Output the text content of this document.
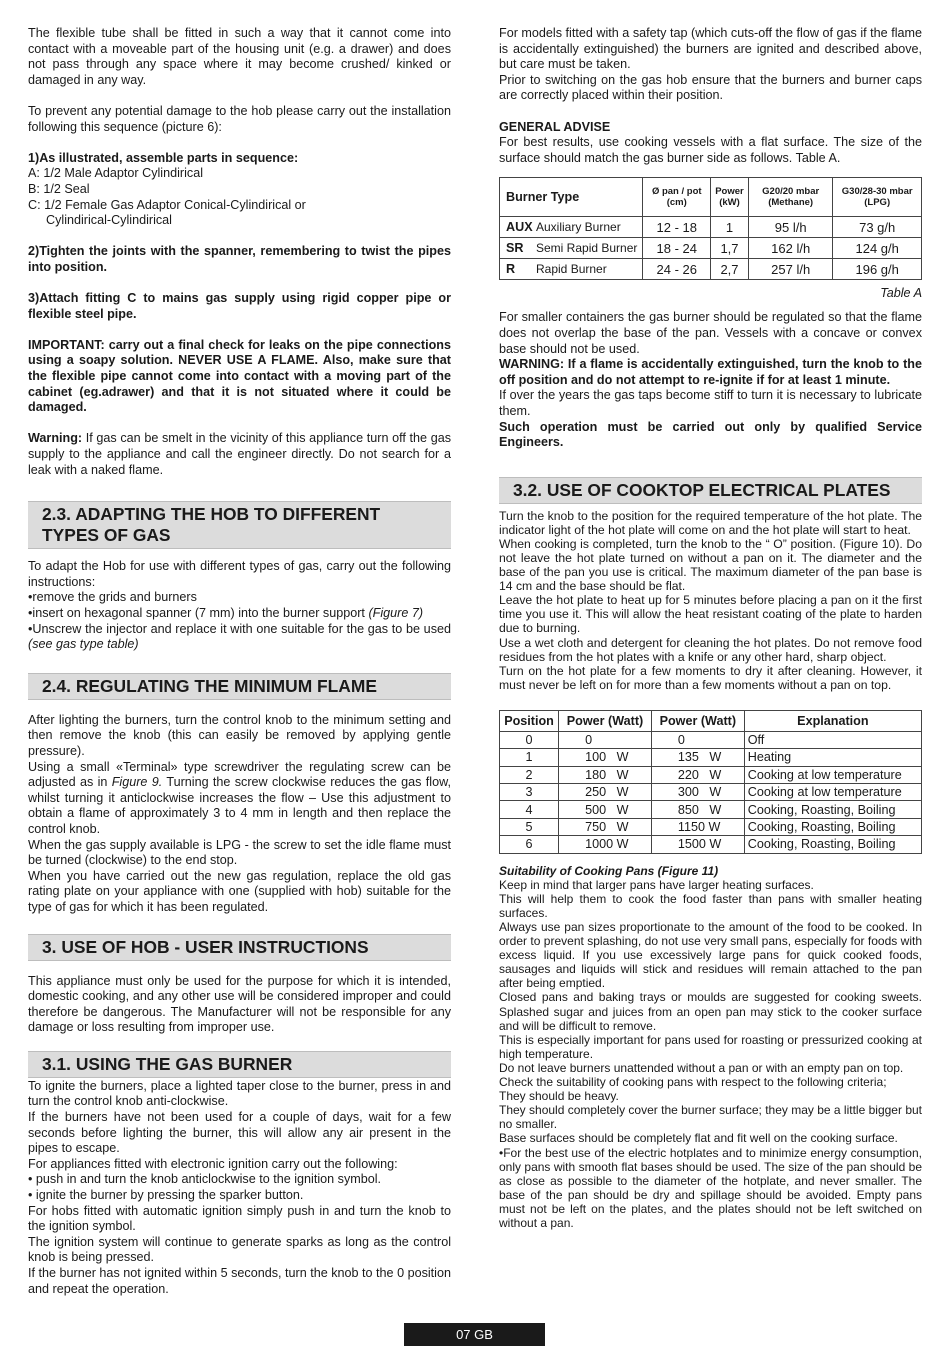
The flexible tube shall be fitted in such a way that it cannot come into contact with a moveable part of the housing unit (e.g. a drawer) and does not pass through any space where it may become crushed/ kinked or damaged in any way.

To prevent any potential damage to the hob please carry out the installation following this sequence (picture 6):

1)As illustrated, assemble parts in sequence:

A: 1/2 Male Adaptor Cylindirical

B: 1/2 Seal

C: 1/2 Female Gas Adaptor Conical-Cylindirical or

Cylindirical-Cylindirical

2)Tighten the joints with the spanner, remembering to twist the pipes into position.

3)Attach fitting C to mains gas supply using rigid copper pipe or flexible steel pipe.

IMPORTANT: carry out a final check for leaks on the pipe connections using a soapy solution. NEVER USE A FLAME. Also, make sure that the flexible pipe cannot come into contact with a moving part of the cabinet (eg.adrawer) and that it is not situated where it could be damaged.

Warning: If gas can be smelt in the vicinity of this appliance turn off the gas supply to the appliance and call the engineer directly. Do not search for a leak with a naked flame.

2.3. ADAPTING THE HOB TO DIFFERENT TYPES OF GAS

To adapt the Hob for use with different types of gas, carry out the following instructions:

•remove the grids and burners

•insert on hexagonal spanner (7 mm) into the burner support (Figure 7)

•Unscrew the injector and replace it with one suitable for the gas to be used (see gas type table)

2.4. REGULATING THE MINIMUM FLAME

After lighting the burners, turn the control knob to the minimum setting and then remove the knob (this can easily be removed by applying gentle pressure).

Using a small «Terminal» type screwdriver the regulating screw can be adjusted as in Figure 9. Turning the screw clockwise reduces the gas flow, whilst turning it anticlockwise increases the flow – Use this adjustment to obtain a flame of approximately 3 to 4 mm in length and then replace the control knob.

When the gas supply available is LPG - the screw to set the idle flame must be turned (clockwise) to the end stop.

When you have carried out the new gas regulation, replace the old gas rating plate on your appliance with one (supplied with hob) suitable for the type of gas for which it has been regulated.

3. USE OF HOB - USER INSTRUCTIONS

This appliance must only be used for the purpose for which it is intended, domestic cooking, and any other use will be considered improper and could therefore be dangerous. The Manufacturer will not be responsible for any damage or loss resulting from improper use.

3.1. USING THE GAS BURNER

To ignite the burners, place a lighted taper close to the burner, press in and turn the control knob anti-clockwise.

If the burners have not been used for a couple of days, wait for a few seconds before lighting the burner, this will allow any air present in the pipes to escape.

For appliances fitted with electronic ignition carry out the following:

• push in and turn the knob anticlockwise to the ignition symbol.

• ignite the burner by pressing the sparker button.

For hobs fitted with automatic ignition simply push in and turn the knob to the ignition symbol.

The ignition system will continue to generate sparks as long as the control knob is being pressed.

If the burner has not ignited within 5 seconds, turn the knob to the 0 position and repeat the operation.

For models fitted with a safety tap (which cuts-off the flow of gas if the flame is accidentally extinguished) the burners are ignited and described above, but care must be taken.

Prior to switching on the gas hob ensure that the burners and burner caps are correctly placed within their position.

GENERAL ADVISE

For best results, use cooking vessels with a flat surface. The size of the surface should match the gas burner side as follows. Table A.

Burner Type	Ø pan / pot (cm)	Power (kW)	G20/20 mbar (Methane)	G30/28-30 mbar (LPG)
AUX Auxiliary Burner	12 - 18	1	95 l/h	73 g/h
SR Semi Rapid Burner	18 - 24	1,7	162 l/h	124 g/h
R Rapid Burner	24 - 26	2,7	257 l/h	196 g/h

Table A

For smaller containers the gas burner should be regulated so that the flame does not overlap the base of the pan. Vessels with a concave or convex base should not be used.

WARNING: If a flame is accidentally extinguished, turn the knob to the off position and do not attempt to re-ignite if for at least 1 minute.

If over the years the gas taps become stiff to turn it is necessary to lubricate them.

Such operation must be carried out only by qualified Service Engineers.

3.2. USE OF COOKTOP ELECTRICAL PLATES

Turn the knob to the position for the required temperature of the hot plate. The indicator light of the hot plate will come on and the hot plate will start to heat.

When cooking is completed, turn the knob to the “ O” position. (Figure 10). Do not leave the hot plate turned on without a pan on it. The diameter and the base of the pan you use is critical. The maximum diameter of the pan base is 14 cm and the base should be flat.

Leave the hot plate to heat up for 5 minutes before placing a pan on it the first time you use it. This will allow the heat resistant coating of the plate to harden due to burning.

Use a wet cloth and detergent for cleaning the hot plates. Do not remove food residues from the hot plates with a knife or any other hard, sharp object.

Turn on the hot plate for a few moments to dry it after cleaning. However, it must never be left on for more than a few moments without a pan on top.

Position	Power (Watt)	Power (Watt)	Explanation
0	0	0	Off
1	100   W	135   W	Heating
2	180   W	220   W	Cooking at low temperature
3	250   W	300   W	Cooking at low temperature
4	500   W	850   W	Cooking, Roasting, Boiling
5	750   W	1150 W	Cooking, Roasting, Boiling
6	1000 W	1500 W	Cooking, Roasting, Boiling

Suitability of Cooking Pans (Figure 11)

Keep in mind that larger pans have larger heating surfaces.

This will help them to cook the food faster than pans with smaller heating surfaces.

Always use pan sizes proportionate to the amount of the food to be cooked. In order to prevent splashing, do not use very small pans, especially for foods with excess liquid. If you use excessively large pans for quick cooked foods, sausages and liquids will stick and residues will remain attached to the pan after being emptied.

Closed pans and baking trays or moulds are suggested for cooking sweets. Splashed sugar and juices from an open pan may stick to the cooker surface and will be difficult to remove.

This is especially important for pans used for roasting or pressurized cooking at high temperature.

Do not leave burners unattended without a pan or with an empty pan on top.

Check the suitability of cooking pans with respect to the following criteria;

They should be heavy.

They should completely cover the burner surface; they may be a little bigger but no smaller.

Base surfaces should be completely flat and fit well on the cooking surface.

•For the best use of the electric hotplates and to minimize energy consumption, only pans with smooth flat bases should be used. The size of the pan should be as close as possible to the diameter of the hotplate, and never smaller. The base of the pan should be dry and spillage should be avoided. Empty pans must not be left on the plates, and the plates should not be left switched on without a pan.

07 GB
